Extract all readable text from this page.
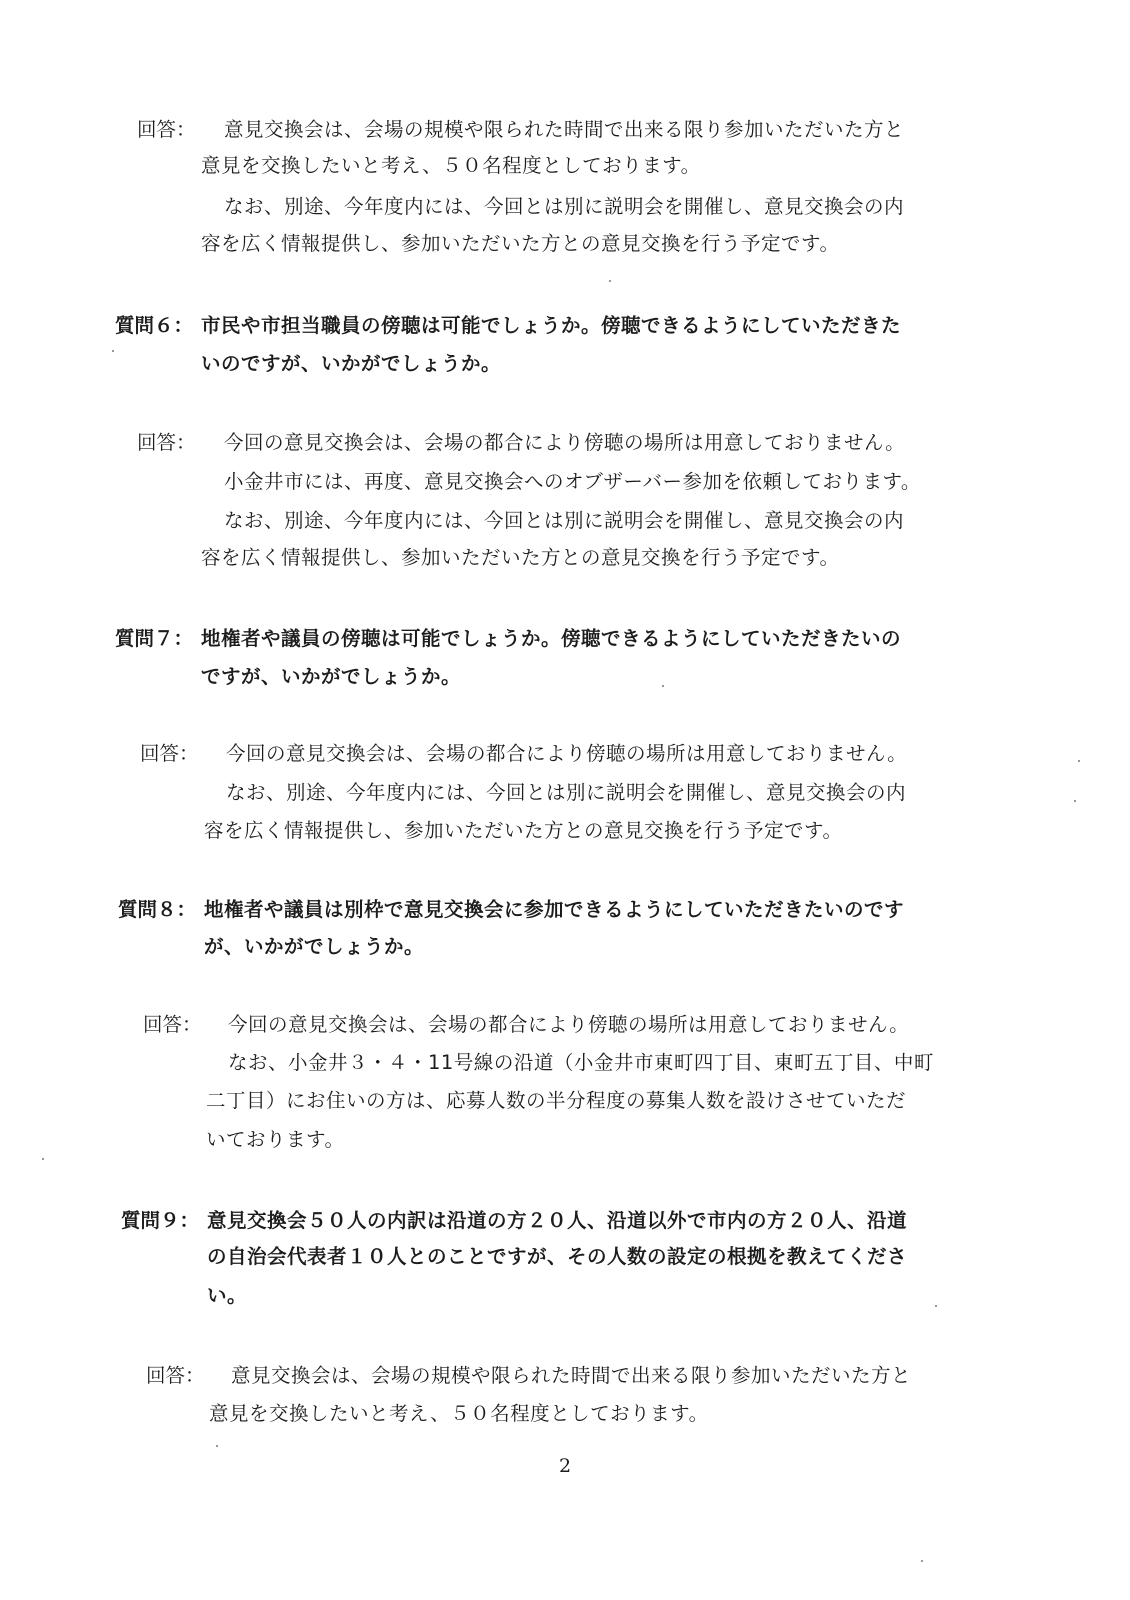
回答： 意見交換会は、会場の規模や限られた時間で出来る限り参加いただいた方と
意見を交換したいと考え、５０名程度としております。
なお、別途、今年度内には、今回とは別に説明会を開催し、意見交換会の内
容を広く情報提供し、参加いただいた方との意見交換を行う予定です。
質問６： 市民や市担当職員の傍聴は可能でしょうか。傍聴できるようにしていただきた
いのですが、いかがでしょうか。
回答： 今回の意見交換会は、会場の都合により傍聴の場所は用意しておりません。
小金井市には、再度、意見交換会へのオブザーバー参加を依頼しております。
なお、別途、今年度内には、今回とは別に説明会を開催し、意見交換会の内
容を広く情報提供し、参加いただいた方との意見交換を行う予定です。
質問７： 地権者や議員の傍聴は可能でしょうか。傍聴できるようにしていただきたいの
ですが、いかがでしょうか。
回答： 今回の意見交換会は、会場の都合により傍聴の場所は用意しておりません。
なお、別途、今年度内には、今回とは別に説明会を開催し、意見交換会の内
容を広く情報提供し、参加いただいた方との意見交換を行う予定です。
質問８： 地権者や議員は別枠で意見交換会に参加できるようにしていただきたいのです
が、いかがでしょうか。
回答： 今回の意見交換会は、会場の都合により傍聴の場所は用意しておりません。
なお、小金井３・４・11号線の沿道（小金井市東町四丁目、東町五丁目、中町
二丁目）にお住いの方は、応募人数の半分程度の募集人数を設けさせていただ
いております。
質問９： 意見交換会５０人の内訳は沿道の方２０人、沿道以外で市内の方２０人、沿道
の自治会代表者１０人とのことですが、その人数の設定の根拠を教えてくださ
い。
回答： 意見交換会は、会場の規模や限られた時間で出来る限り参加いただいた方と
意見を交換したいと考え、５０名程度としております。
2
